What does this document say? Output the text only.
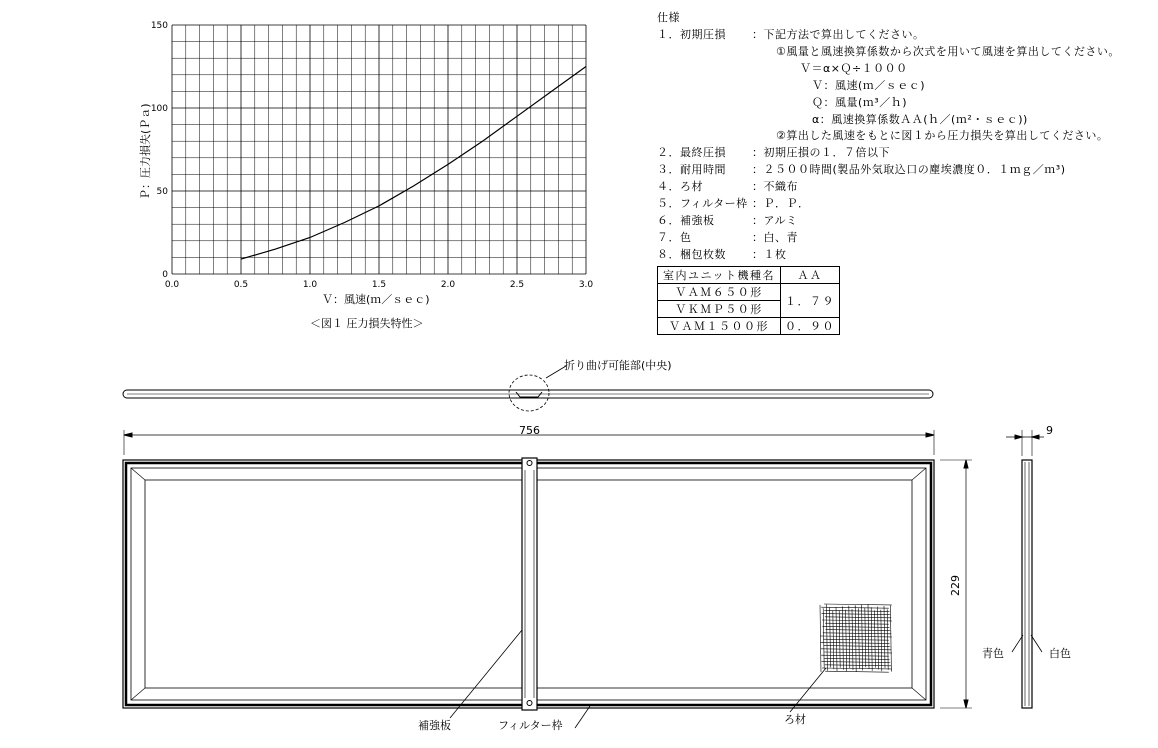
0.0	0.5	1.0	1.5	2.0	2.5	3.0
0
50
100
150
Ｐ：圧力損失(Ｐａ)
Ｖ：風速(ｍ／ｓｅｃ)
＜図１ 圧力損失特性＞
仕様
１．初期圧損 ：下記方法で算出してください。
①風量と風速換算係数から次式を用いて風速を算出してください。
Ｖ＝α×Ｑ÷１０００
Ｖ：風速(ｍ／ｓｅｃ)
Ｑ：風量(ｍ³／ｈ)
α：風速換算係数ＡＡ(ｈ／(ｍ²・ｓｅｃ))
②算出した風速をもとに図１から圧力損失を算出してください。
２．最終圧損 ：初期圧損の１．７倍以下
３．耐用時間 ：２５００時間(製品外気取込口の塵埃濃度０．１ｍｇ／ｍ³)
４．ろ材	：不織布
５．フィルター枠 ：Ｐ．Ｐ．
６．補強板	：アルミ
７．色	：白、青
８．梱包枚数 ：１枚
室内ユニット機種名	ＡＡ
ＶＡＭ６５０形	１．７９
ＶＫＭＰ５０形	
ＶＡＭ１５００形	０．９０
折り曲げ可能部(中央)
756
229
9
補強板	フィルター枠	ろ材
青色	白色
